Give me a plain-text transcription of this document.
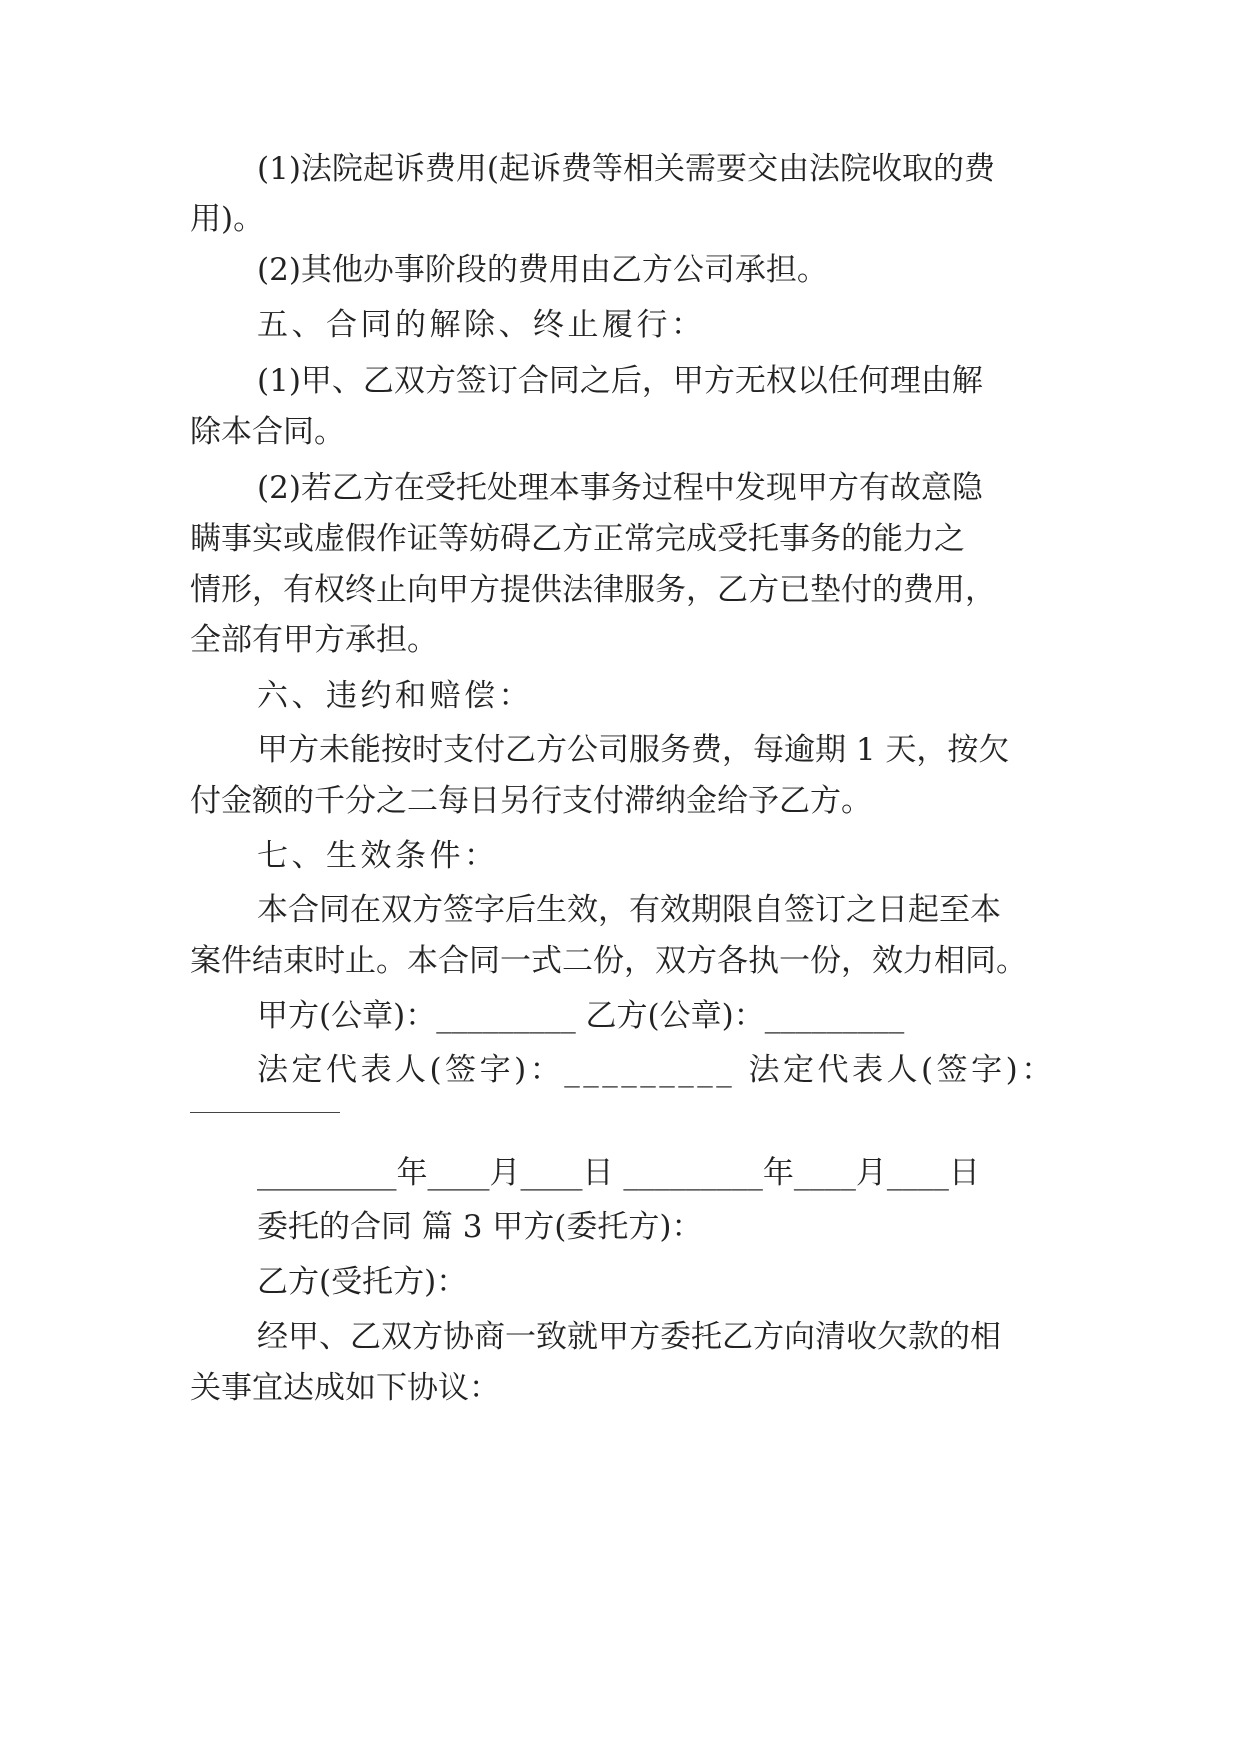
(1)法院起诉费用(起诉费等相关需要交由法院收取的费
用)。
(2)其他办事阶段的费用由乙方公司承担。
五、合同的解除、终止履行：
(1)甲、乙双方签订合同之后，甲方无权以任何理由解
除本合同。
(2)若乙方在受托处理本事务过程中发现甲方有故意隐
瞒事实或虚假作证等妨碍乙方正常完成受托事务的能力之
情形，有权终止向甲方提供法律服务，乙方已垫付的费用，
全部有甲方承担。
六、违约和赔偿：
甲方未能按时支付乙方公司服务费，每逾期 1 天，按欠
付金额的千分之二每日另行支付滞纳金给予乙方。
七、生效条件：
本合同在双方签字后生效，有效期限自签订之日起至本
案件结束时止。本合同一式二份，双方各执一份，效力相同。
甲方(公章)：_________ 乙方(公章)：_________
法定代表人(签字)：_________ 法定代表人(签字)：
_________年____月____日 _________年____月____日
委托的合同 篇 3 甲方(委托方)：
乙方(受托方)：
经甲、乙双方协商一致就甲方委托乙方向清收欠款的相
关事宜达成如下协议：
